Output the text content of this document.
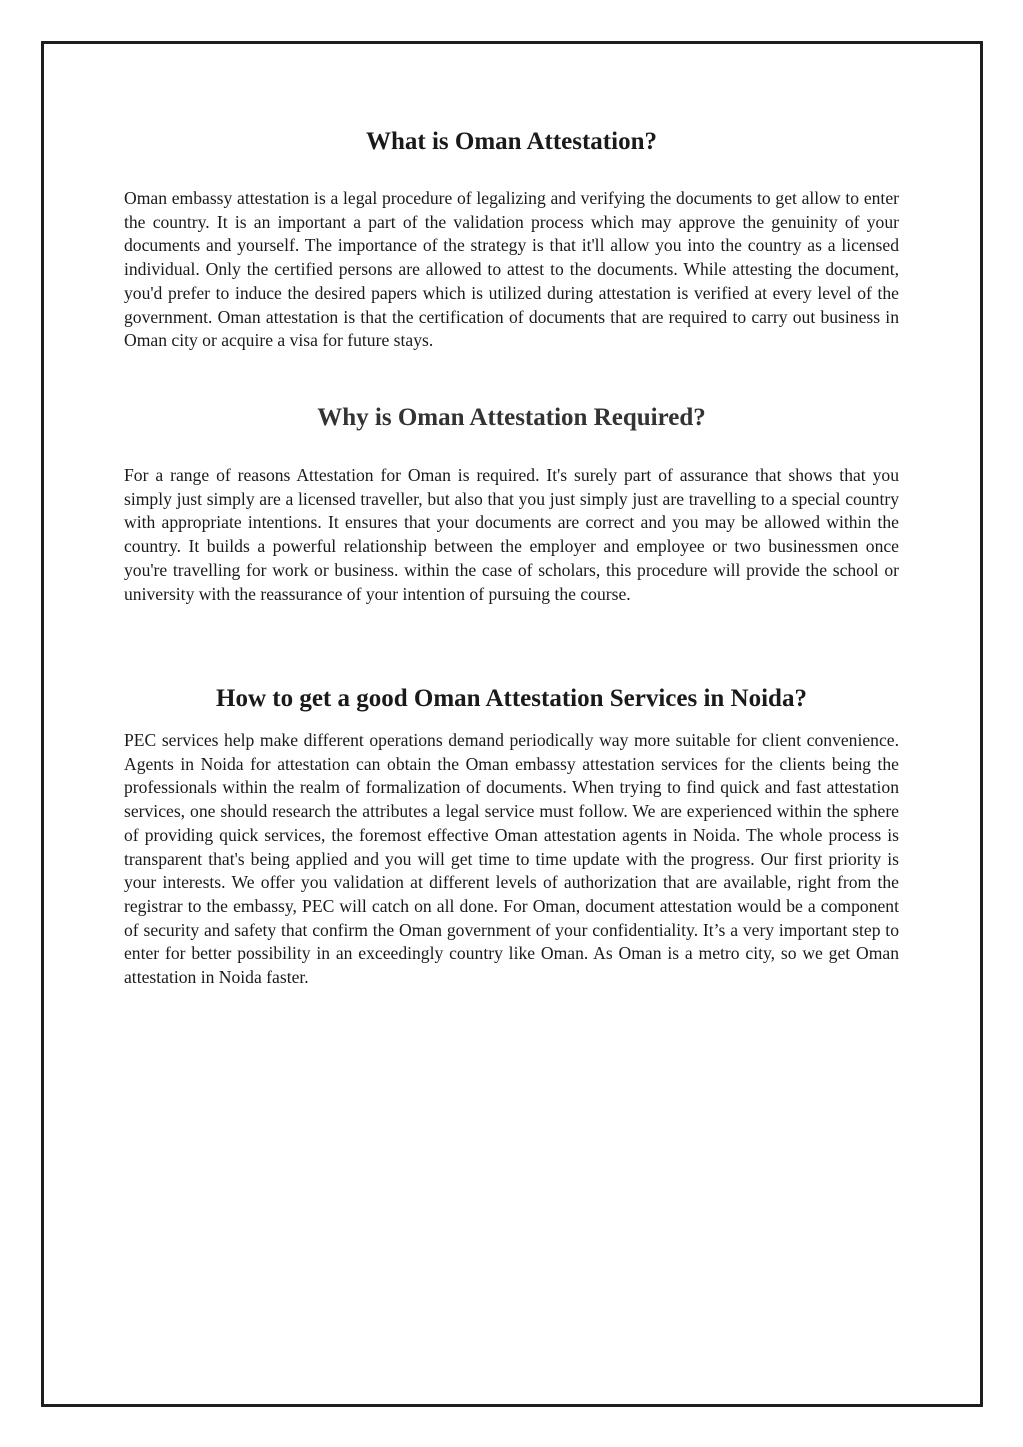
What is Oman Attestation?

Oman embassy attestation is a legal procedure of legalizing and verifying the documents to get allow to enter the country. It is an important a part of the validation process which may approve the genuinity of your documents and yourself. The importance of the strategy is that it'll allow you into the country as a licensed individual. Only the certified persons are allowed to attest to the documents. While attesting the document, you'd prefer to induce the desired papers which is utilized during attestation is verified at every level of the government. Oman attestation is that the certification of documents that are required to carry out business in Oman city or acquire a visa for future stays.

Why is Oman Attestation Required?

For a range of reasons Attestation for Oman is required. It's surely part of assurance that shows that you simply just simply are a licensed traveller, but also that you just simply just are travelling to a special country with appropriate intentions. It ensures that your documents are correct and you may be allowed within the country. It builds a powerful relationship between the employer and employee or two businessmen once you're travelling for work or business. within the case of scholars, this procedure will provide the school or university with the reassurance of your intention of pursuing the course.

How to get a good Oman Attestation Services in Noida?

PEC services help make different operations demand periodically way more suitable for client convenience. Agents in Noida for attestation can obtain the Oman embassy attestation services for the clients being the professionals within the realm of formalization of documents. When trying to find quick and fast attestation services, one should research the attributes a legal service must follow. We are experienced within the sphere of providing quick services, the foremost effective Oman attestation agents in Noida. The whole process is transparent that's being applied and you will get time to time update with the progress. Our first priority is your interests. We offer you validation at different levels of authorization that are available, right from the registrar to the embassy, PEC will catch on all done. For Oman, document attestation would be a component of security and safety that confirm the Oman government of your confidentiality. It’s a very important step to enter for better possibility in an exceedingly country like Oman. As Oman is a metro city, so we get Oman attestation in Noida faster.
